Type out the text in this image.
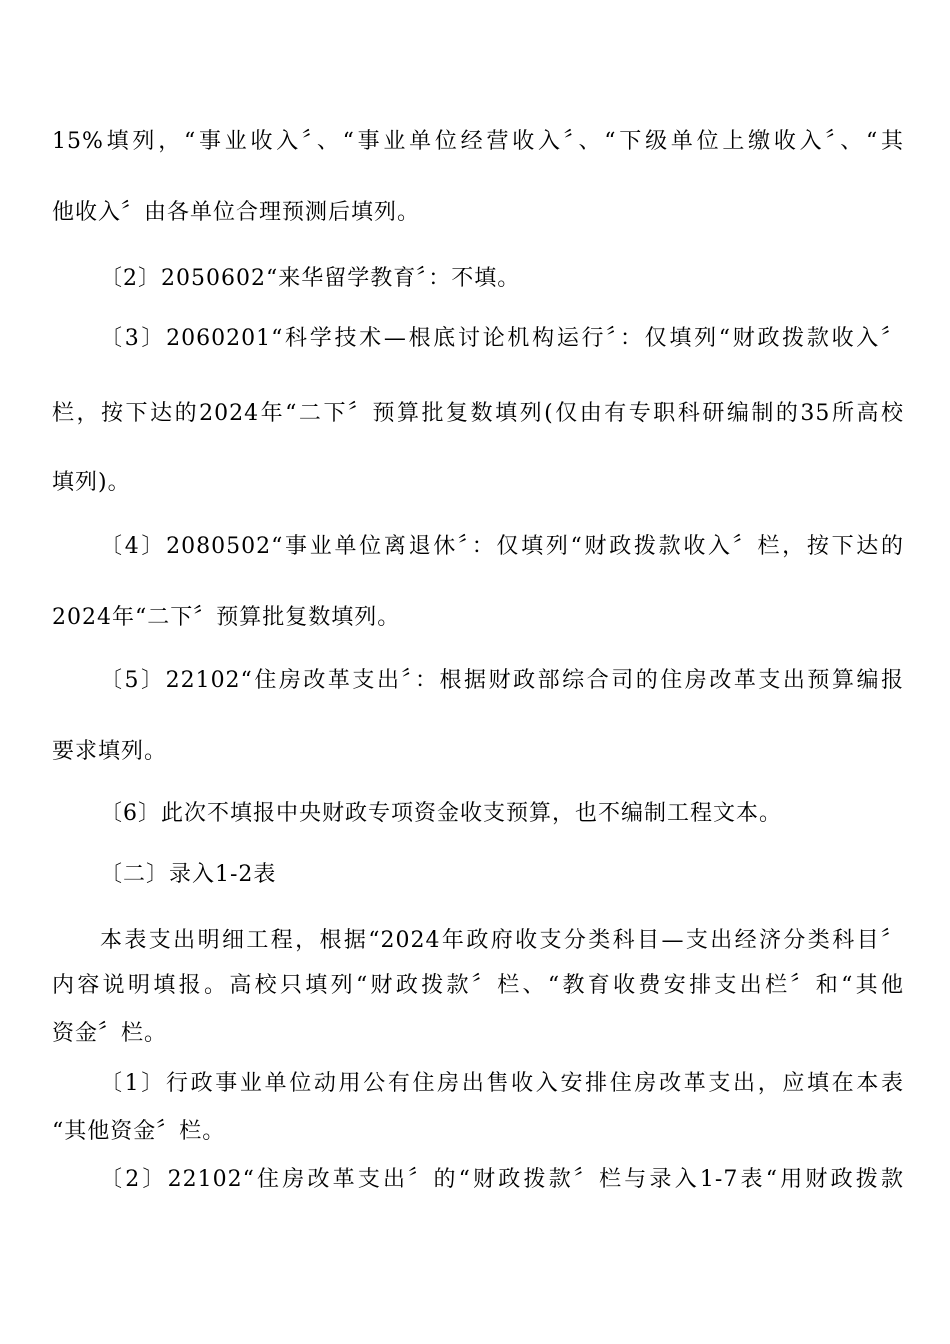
15%填列，“事业收入〞、“事业单位经营收入〞、“下级单位上缴收入〞、“其
他收入〞由各单位合理预测后填列。
〔2〕2050602“来华留学教育〞：不填。
〔3〕2060201“科学技术—根底讨论机构运行〞：仅填列“财政拨款收入〞
栏，按下达的2024年“二下〞预算批复数填列(仅由有专职科研编制的35所高校
填列)。
〔4〕2080502“事业单位离退休〞：仅填列“财政拨款收入〞栏，按下达的
2024年“二下〞预算批复数填列。
〔5〕22102“住房改革支出〞：根据财政部综合司的住房改革支出预算编报
要求填列。
〔6〕此次不填报中央财政专项资金收支预算，也不编制工程文本。
〔二〕录入1-2表
本表支出明细工程，根据“2024年政府收支分类科目—支出经济分类科目〞
内容说明填报。高校只填列“财政拨款〞栏、“教育收费安排支出栏〞和“其他
资金〞栏。
〔1〕行政事业单位动用公有住房出售收入安排住房改革支出，应填在本表
“其他资金〞栏。
〔2〕22102“住房改革支出〞的“财政拨款〞栏与录入1-7表“用财政拨款
